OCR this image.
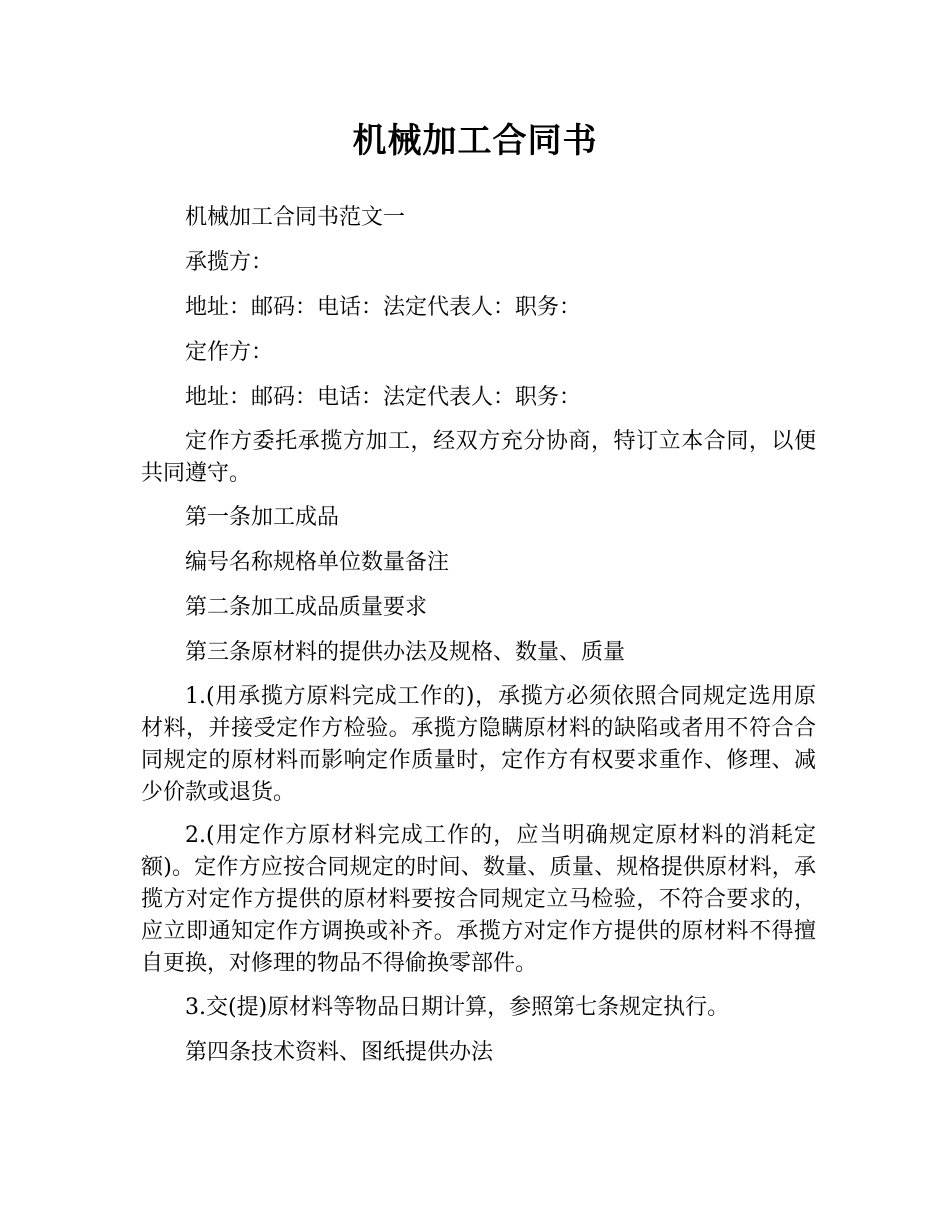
机械加工合同书

机械加工合同书范文一

承揽方：

地址：邮码：电话：法定代表人：职务：

定作方：

地址：邮码：电话：法定代表人：职务：

定作方委托承揽方加工，经双方充分协商，特订立本合同，以便共同遵守。

第一条加工成品

编号名称规格单位数量备注

第二条加工成品质量要求

第三条原材料的提供办法及规格、数量、质量

1.(用承揽方原料完成工作的)，承揽方必须依照合同规定选用原材料，并接受定作方检验。承揽方隐瞒原材料的缺陷或者用不符合合同规定的原材料而影响定作质量时，定作方有权要求重作、修理、减少价款或退货。

2.(用定作方原材料完成工作的，应当明确规定原材料的消耗定额)。定作方应按合同规定的时间、数量、质量、规格提供原材料，承揽方对定作方提供的原材料要按合同规定立马检验，不符合要求的，应立即通知定作方调换或补齐。承揽方对定作方提供的原材料不得擅自更换，对修理的物品不得偷换零部件。

3.交(提)原材料等物品日期计算，参照第七条规定执行。

第四条技术资料、图纸提供办法
